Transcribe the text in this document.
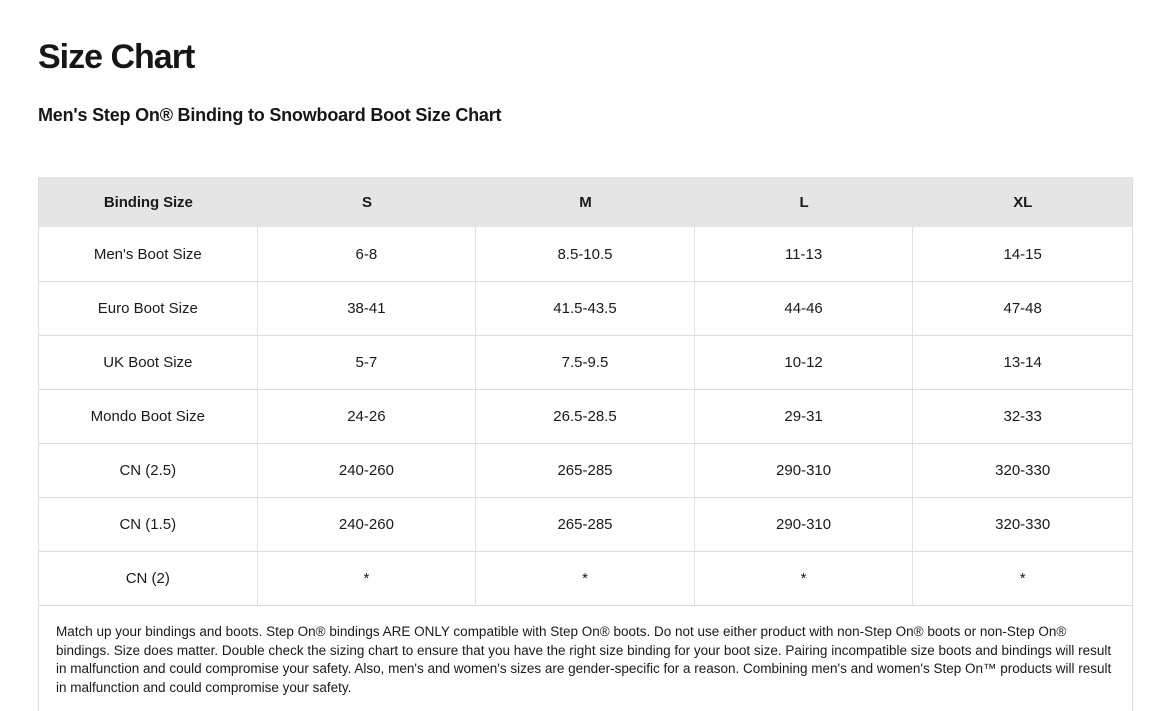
Size Chart
Men's Step On® Binding to Snowboard Boot Size Chart
Binding Size	S	M	L	XL
Men's Boot Size	6-8	8.5-10.5	11-13	14-15
Euro Boot Size	38-41	41.5-43.5	44-46	47-48
UK Boot Size	5-7	7.5-9.5	10-12	13-14
Mondo Boot Size	24-26	26.5-28.5	29-31	32-33
CN (2.5)	240-260	265-285	290-310	320-330
CN (1.5)	240-260	265-285	290-310	320-330
CN (2)	*	*	*	*

Match up your bindings and boots. Step On® bindings ARE ONLY compatible with Step On® boots. Do not use either product with non-Step On® boots or non-Step On® bindings. Size does matter. Double check the sizing chart to ensure that you have the right size binding for your boot size. Pairing incompatible size boots and bindings will result in malfunction and could compromise your safety. Also, men's and women's sizes are gender-specific for a reason. Combining men's and women's Step On™ products will result in malfunction and could compromise your safety.
